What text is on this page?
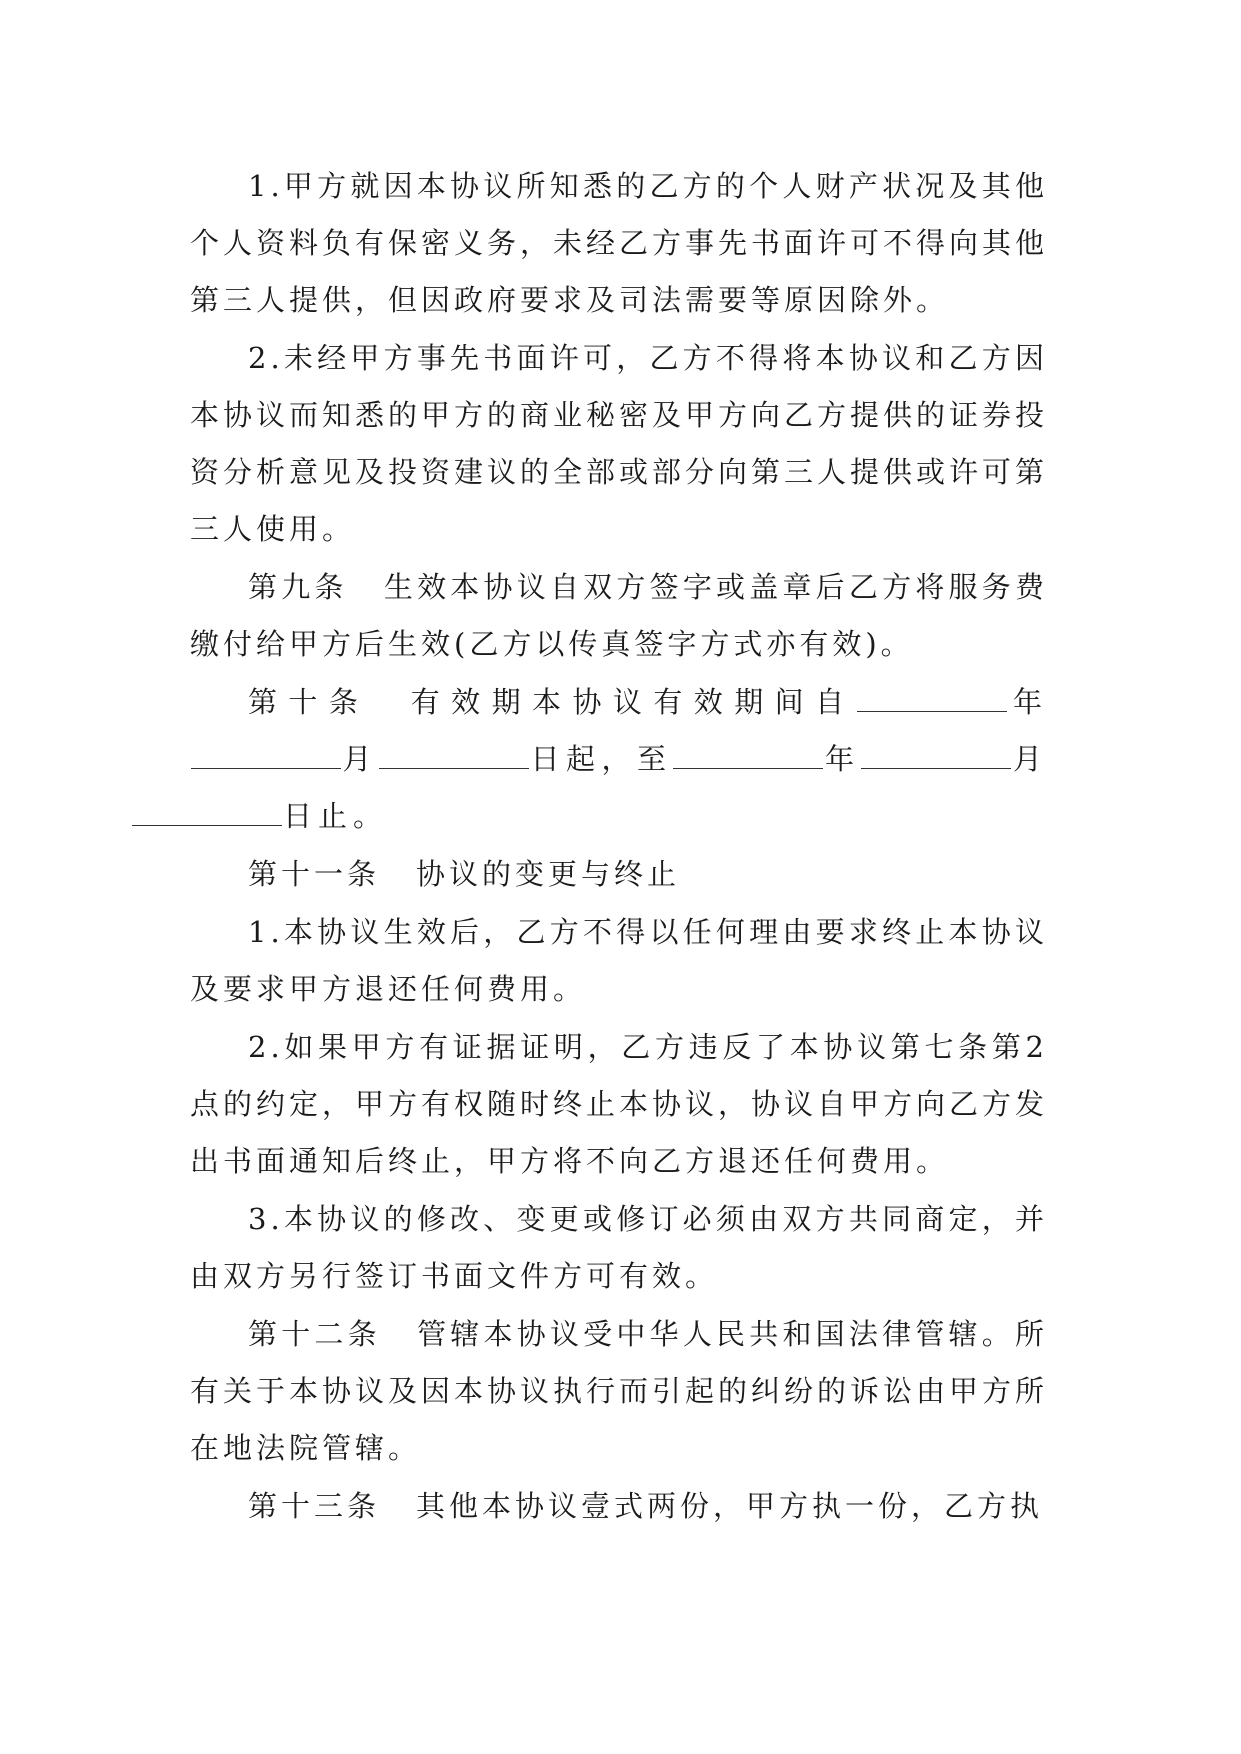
1.甲方就因本协议所知悉的乙方的个人财产状况及其他个人资料负有保密义务，未经乙方事先书面许可不得向其他第三人提供，但因政府要求及司法需要等原因除外。

2.未经甲方事先书面许可，乙方不得将本协议和乙方因本协议而知悉的甲方的商业秘密及甲方向乙方提供的证券投资分析意见及投资建议的全部或部分向第三人提供或许可第三人使用。

第九条 生效本协议自双方签字或盖章后乙方将服务费缴付给甲方后生效(乙方以传真签字方式亦有效)。

第十条 有效期本协议有效期间自	年月	日起，至	年	月日止。

第十一条 协议的变更与终止

1.本协议生效后，乙方不得以任何理由要求终止本协议及要求甲方退还任何费用。

2.如果甲方有证据证明，乙方违反了本协议第七条第2点的约定，甲方有权随时终止本协议，协议自甲方向乙方发出书面通知后终止，甲方将不向乙方退还任何费用。

3.本协议的修改、变更或修订必须由双方共同商定，并由双方另行签订书面文件方可有效。

第十二条 管辖本协议受中华人民共和国法律管辖。所有关于本协议及因本协议执行而引起的纠纷的诉讼由甲方所在地法院管辖。

第十三条 其他本协议壹式两份，甲方执一份，乙方执
